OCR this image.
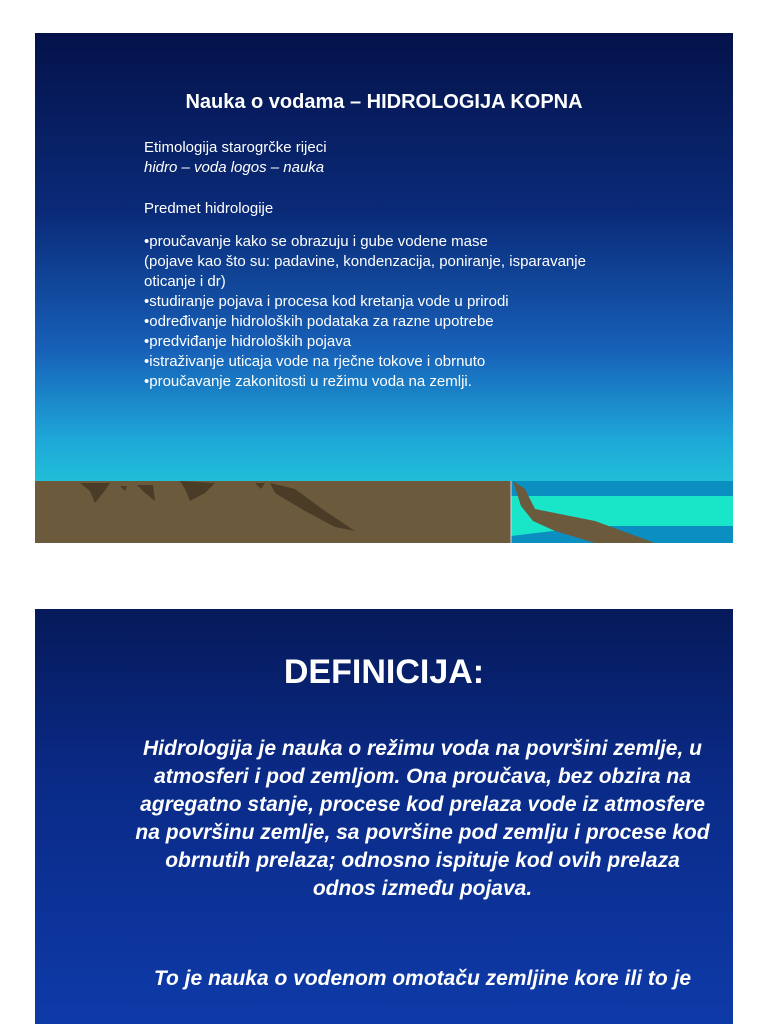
Nauka o vodama – HIDROLOGIJA KOPNA
Etimologija starogrčke rijeci
hidro – voda logos – nauka
Predmet hidrologije
•proučavanje kako se obrazuju i gube vodene mase
(pojave kao što su: padavine, kondenzacija, poniranje, isparavanje
oticanje i dr)
•studiranje pojava i procesa kod kretanja vode u prirodi
•određivanje hidroloških podataka za razne upotrebe
•predviđanje hidroloških pojava
•istraživanje uticaja vode na rječne tokove i obrnuto
•proučavanje zakonitosti u režimu voda na zemlji.
DEFINICIJA:

Hidrologija je nauka o režimu voda na površini zemlje, u atmosferi i pod zemljom. Ona proučava, bez obzira na agregatno stanje, procese kod prelaza vode iz atmosfere na površinu zemlje, sa površine pod zemlju i procese kod obrnutih prelaza; odnosno ispituje kod ovih prelaza odnos između pojava.

To je nauka o vodenom omotaču zemljine kore ili to je
